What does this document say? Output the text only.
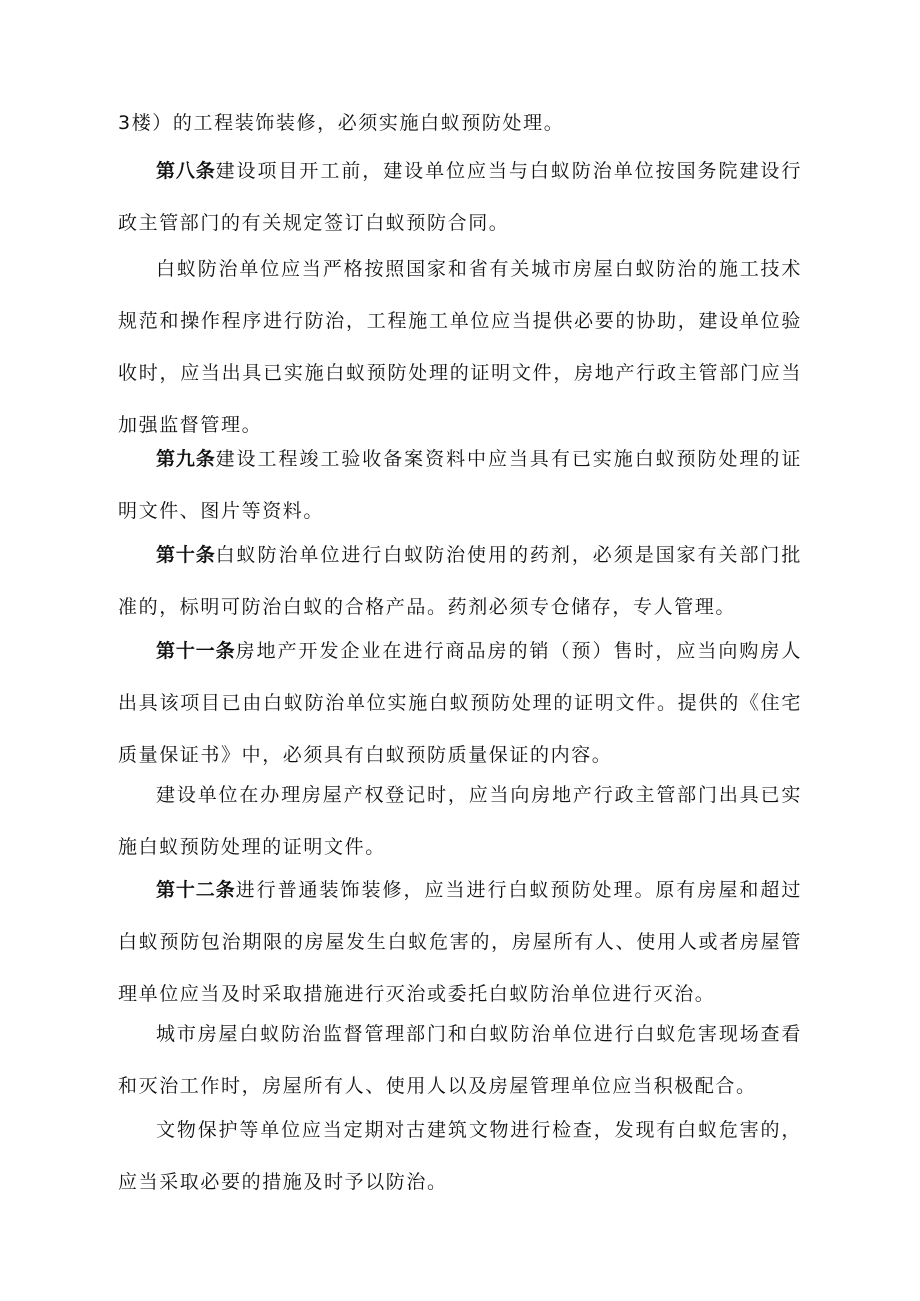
3楼）的工程装饰装修，必须实施白蚁预防处理。

第八条建设项目开工前，建设单位应当与白蚁防治单位按国务院建设行政主管部门的有关规定签订白蚁预防合同。

白蚁防治单位应当严格按照国家和省有关城市房屋白蚁防治的施工技术规范和操作程序进行防治，工程施工单位应当提供必要的协助，建设单位验收时，应当出具已实施白蚁预防处理的证明文件，房地产行政主管部门应当加强监督管理。

第九条建设工程竣工验收备案资料中应当具有已实施白蚁预防处理的证明文件、图片等资料。

第十条白蚁防治单位进行白蚁防治使用的药剂，必须是国家有关部门批准的，标明可防治白蚁的合格产品。药剂必须专仓储存，专人管理。

第十一条房地产开发企业在进行商品房的销（预）售时，应当向购房人出具该项目已由白蚁防治单位实施白蚁预防处理的证明文件。提供的《住宅质量保证书》中，必须具有白蚁预防质量保证的内容。

建设单位在办理房屋产权登记时，应当向房地产行政主管部门出具已实施白蚁预防处理的证明文件。

第十二条进行普通装饰装修，应当进行白蚁预防处理。原有房屋和超过白蚁预防包治期限的房屋发生白蚁危害的，房屋所有人、使用人或者房屋管理单位应当及时采取措施进行灭治或委托白蚁防治单位进行灭治。

城市房屋白蚁防治监督管理部门和白蚁防治单位进行白蚁危害现场查看和灭治工作时，房屋所有人、使用人以及房屋管理单位应当积极配合。

文物保护等单位应当定期对古建筑文物进行检查，发现有白蚁危害的，应当采取必要的措施及时予以防治。
